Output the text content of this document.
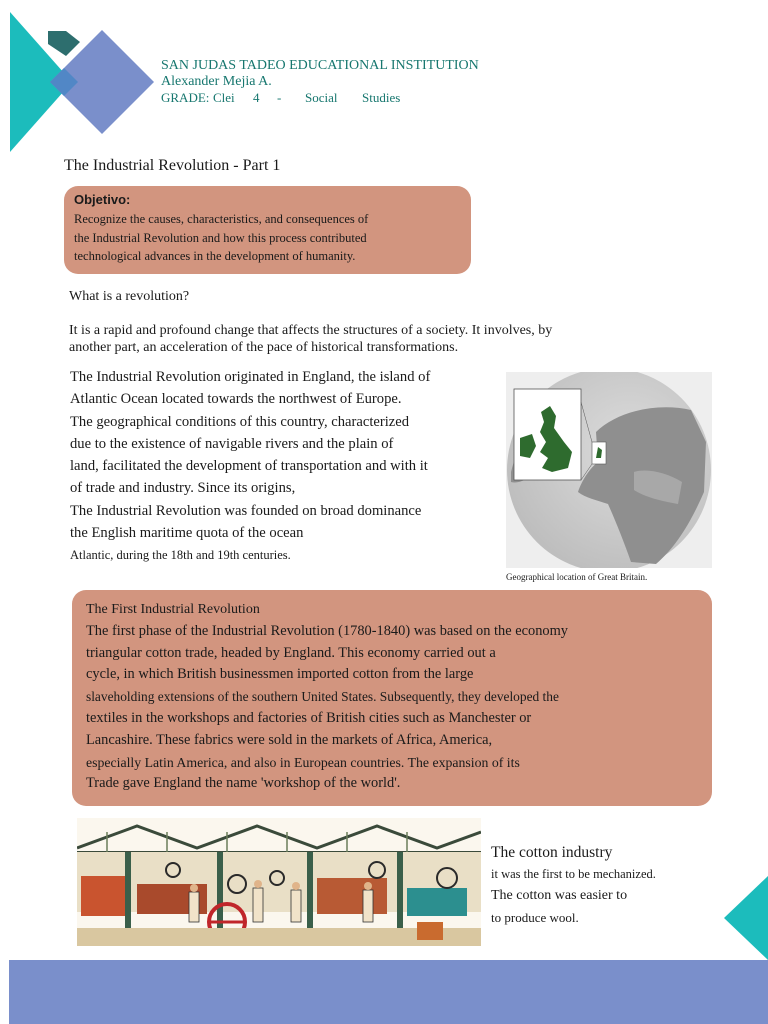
SAN JUDAS TADEO EDUCATIONAL INSTITUTION
Alexander Mejia A.
GRADE: Clei 4 - Social Studies
The Industrial Revolution - Part 1
Objetivo:
Recognize the causes, characteristics, and consequences of
the Industrial Revolution and how this process contributed
technological advances in the development of humanity.
What is a revolution?
It is a rapid and profound change that affects the structures of a society. It involves, by
another part, an acceleration of the pace of historical transformations.
The Industrial Revolution originated in England, the island of
Atlantic Ocean located towards the northwest of Europe.
The geographical conditions of this country, characterized
due to the existence of navigable rivers and the plain of
land, facilitated the development of transportation and with it
of trade and industry. Since its origins,
The Industrial Revolution was founded on broad dominance
the English maritime quota of the ocean
Atlantic, during the 18th and 19th centuries.
Geographical location of Great Britain.
The First Industrial Revolution
The first phase of the Industrial Revolution (1780-1840) was based on the economy
triangular cotton trade, headed by England. This economy carried out a
cycle, in which British businessmen imported cotton from the large
slaveholding extensions of the southern United States. Subsequently, they developed the
textiles in the workshops and factories of British cities such as Manchester or
Lancashire. These fabrics were sold in the markets of Africa, America,
especially Latin America, and also in European countries. The expansion of its
Trade gave England the name 'workshop of the world'.
The cotton industry
it was the first to be mechanized.
The cotton was easier to
to produce wool.
